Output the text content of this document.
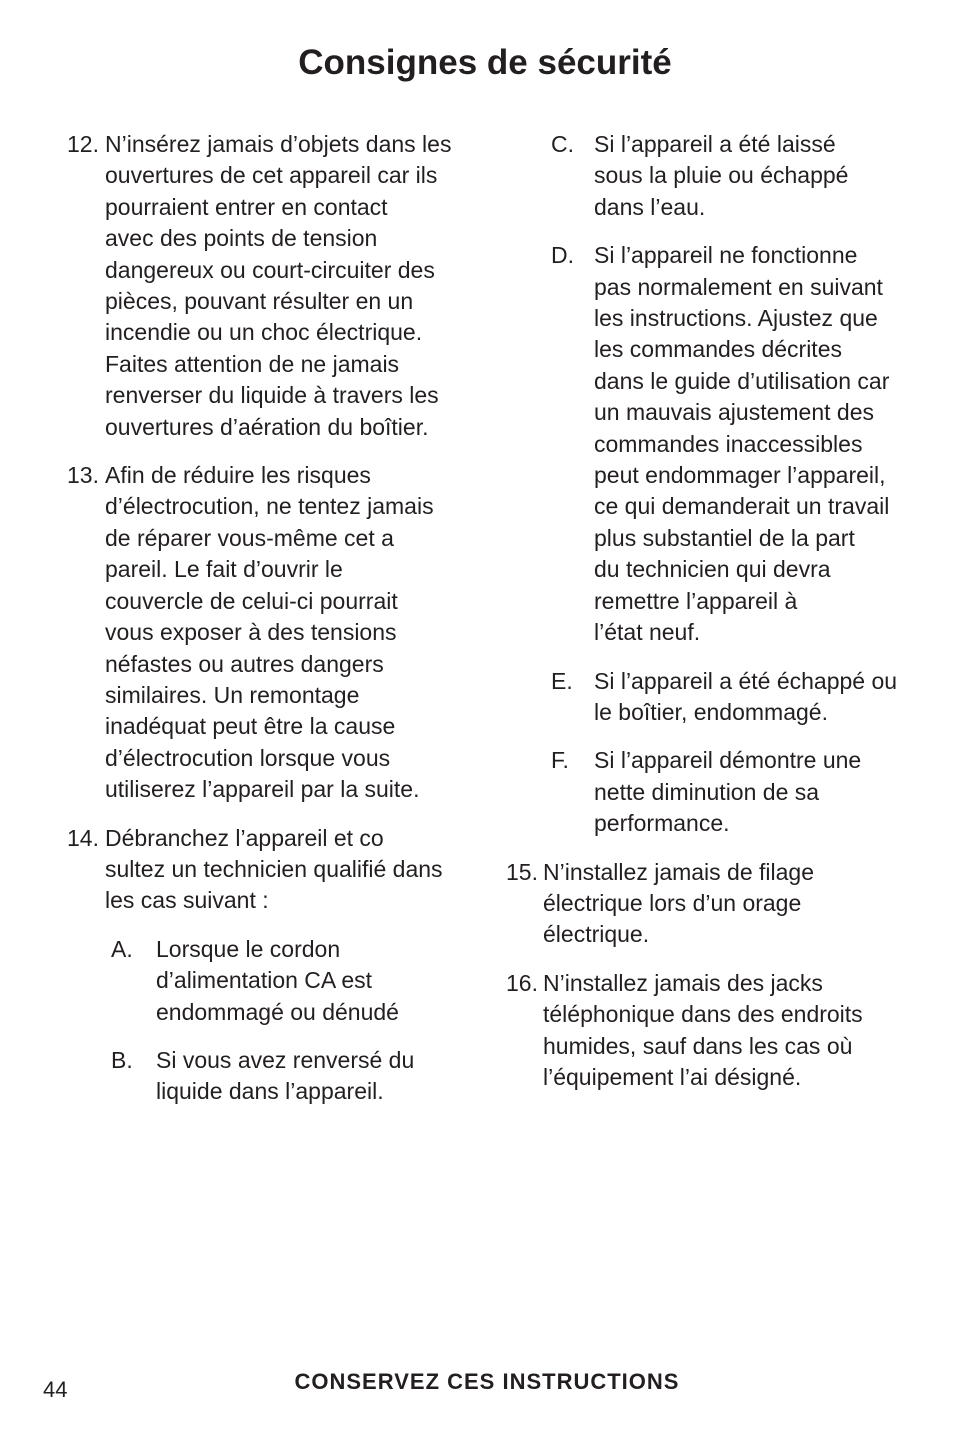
Consignes de sécurité
12. N’insérez jamais d’objets dans les
ouvertures de cet appareil car ils
pourraient entrer en contact
avec des points de tension
dangereux ou court-circuiter des
pièces, pouvant résulter en un
incendie ou un choc électrique.
Faites attention de ne jamais
renverser du liquide à travers les
ouvertures d’aération du boîtier.
13. Afin de réduire les risques
d’électrocution, ne tentez jamais
de réparer vous-même cet a
pareil. Le fait d’ouvrir le
couvercle de celui-ci pourrait
vous exposer à des tensions
néfastes ou autres dangers
similaires. Un remontage
inadéquat peut être la cause
d’électrocution lorsque vous
utiliserez l’appareil par la suite.
14. Débranchez l’appareil et co
sultez un technicien qualifié dans
les cas suivant :
A. Lorsque le cordon
d’alimentation CA est
endommagé ou dénudé
B. Si vous avez renversé du
liquide dans l’appareil.
C. Si l’appareil a été laissé
sous la pluie ou échappé
dans l’eau.
D. Si l’appareil ne fonctionne
pas normalement en suivant
les instructions. Ajustez que
les commandes décrites
dans le guide d’utilisation car
un mauvais ajustement des
commandes inaccessibles
peut endommager l’appareil,
ce qui demanderait un travail
plus substantiel de la part
du technicien qui devra
remettre l’appareil à
l’état neuf.
E. Si l’appareil a été échappé ou
le boîtier, endommagé.
F. Si l’appareil démontre une
nette diminution de sa
performance.
15. N’installez jamais de filage
électrique lors d’un orage
électrique.
16. N’installez jamais des jacks
téléphonique dans des endroits
humides, sauf dans les cas où
l’équipement l’ai désigné.
44	CONSERVEZ CES INSTRUCTIONS
